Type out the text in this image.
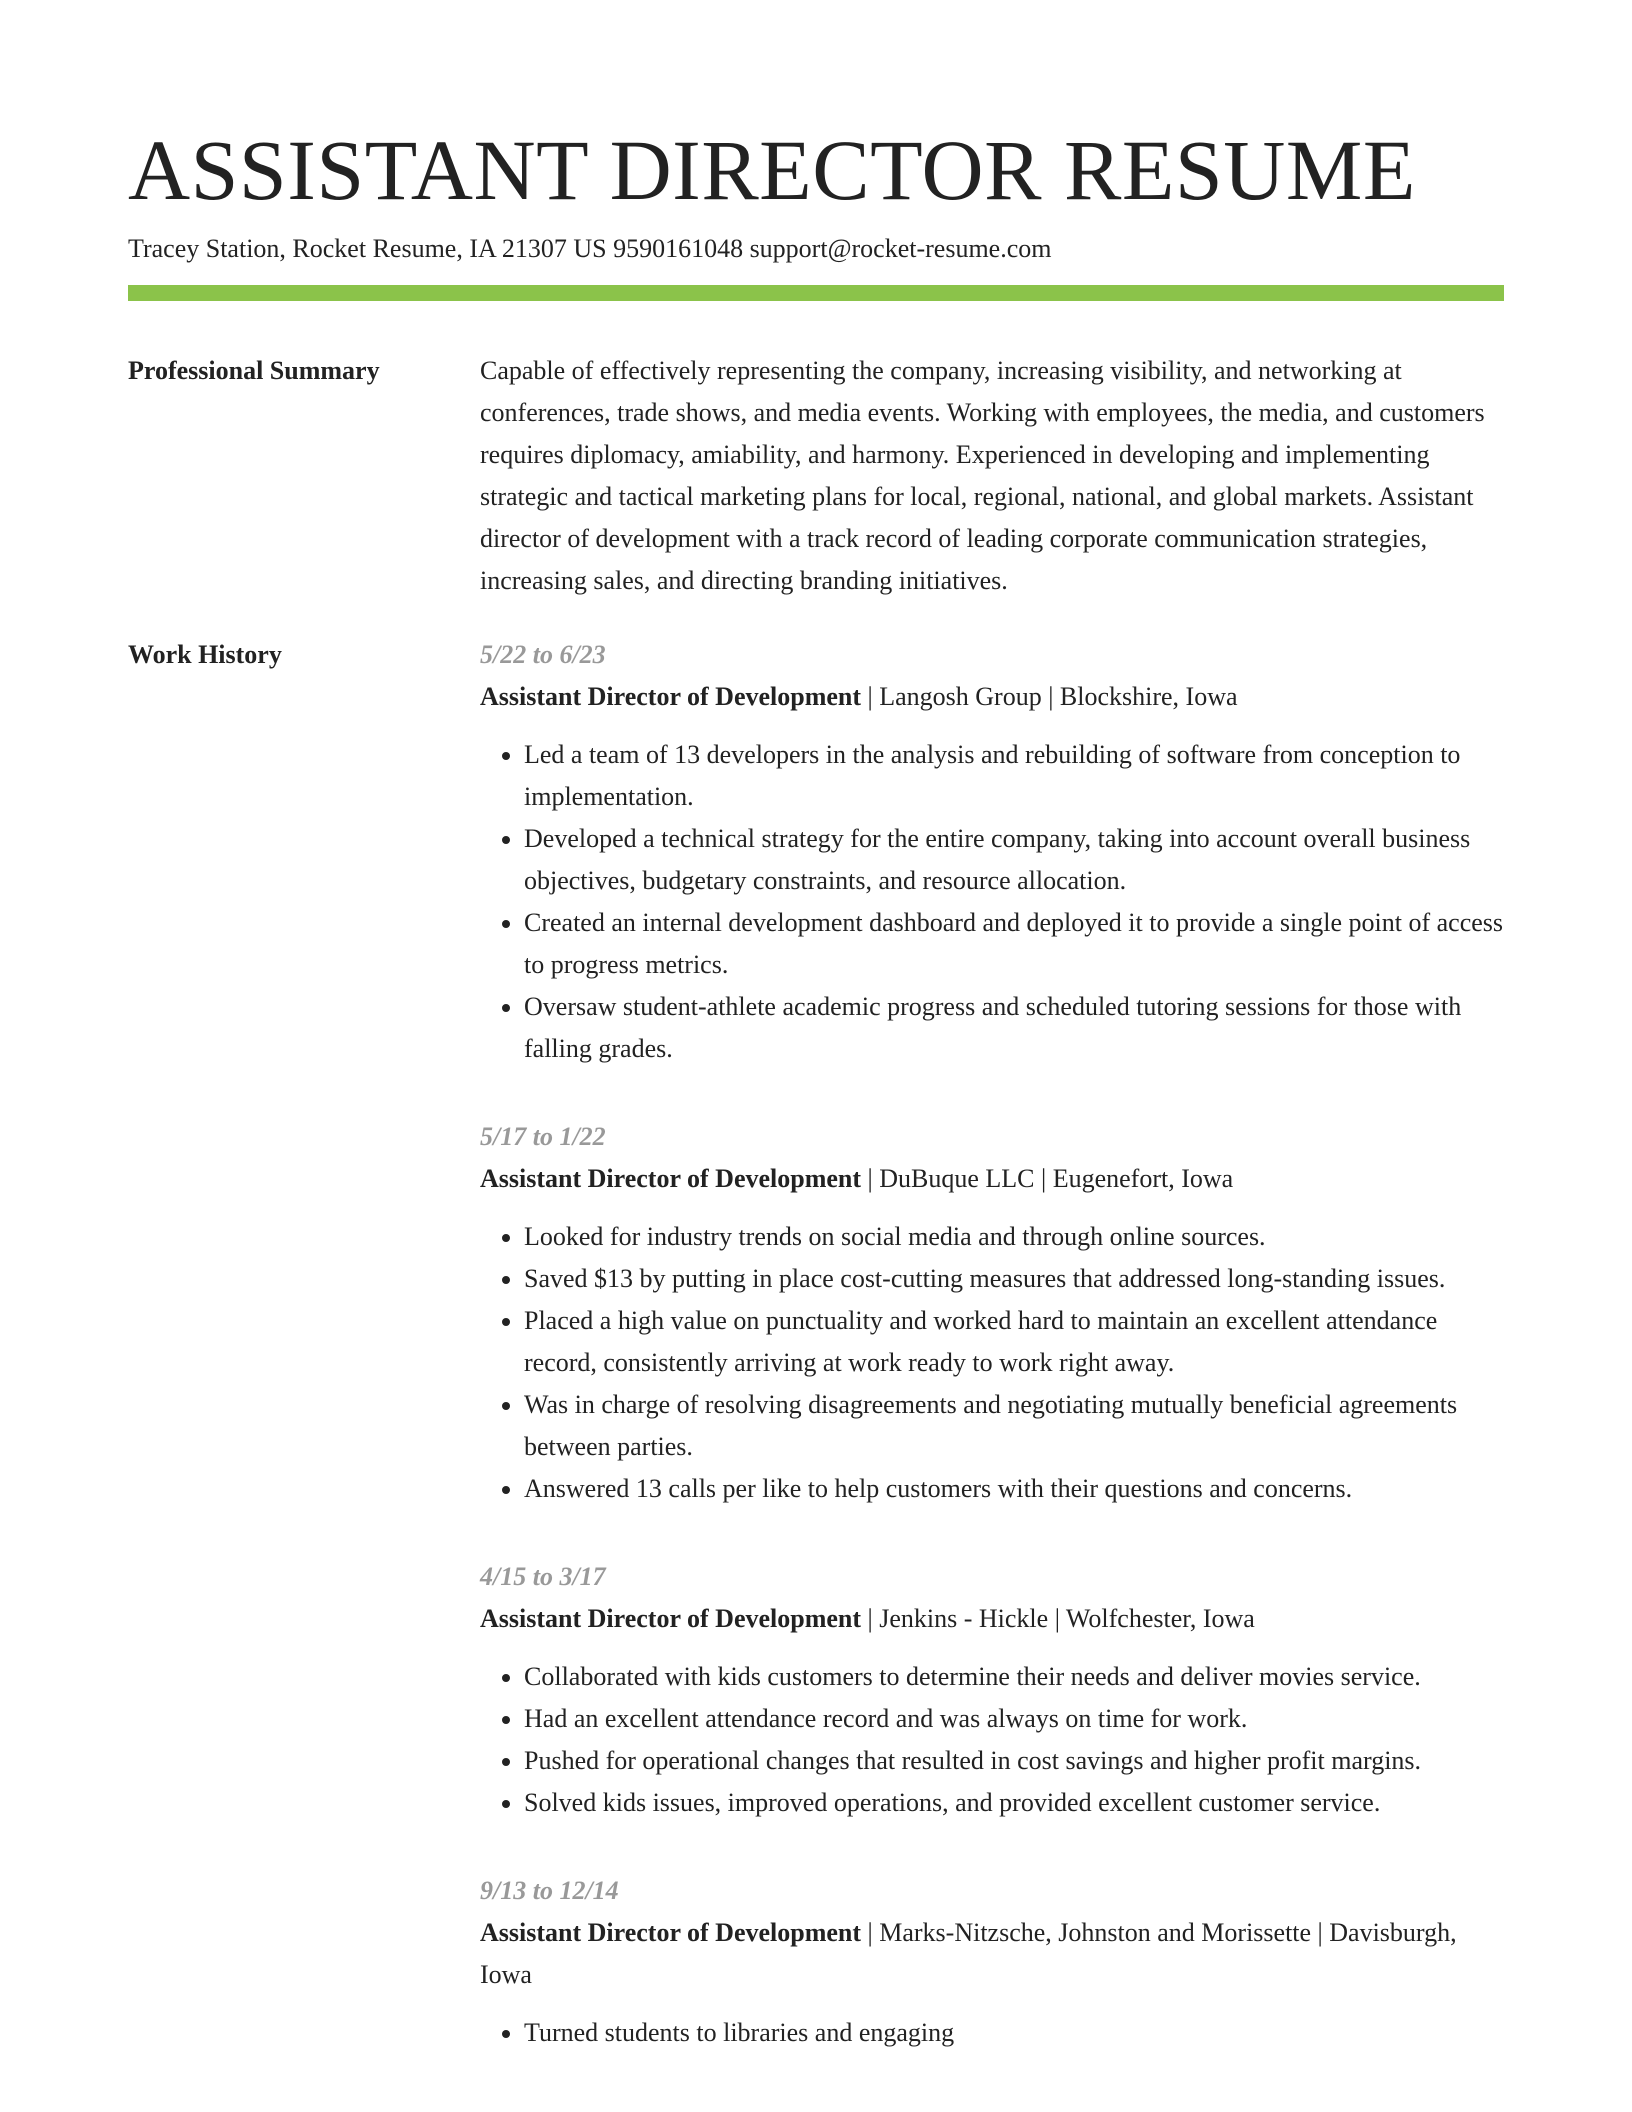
ASSISTANT DIRECTOR RESUME
Tracey Station, Rocket Resume, IA 21307 US 9590161048 support@rocket-resume.com
Professional Summary	Capable of effectively representing the company, increasing visibility, and networking at conferences, trade shows, and media events. Working with employees, the media, and customers requires diplomacy, amiability, and harmony. Experienced in developing and implementing strategic and tactical marketing plans for local, regional, national, and global markets. Assistant director of development with a track record of leading corporate communication strategies, increasing sales, and directing branding initiatives.

Work History	5/22 to 6/23
Assistant Director of Development | Langosh Group | Blockshire, Iowa
• Led a team of 13 developers in the analysis and rebuilding of software from conception to implementation.
• Developed a technical strategy for the entire company, taking into account overall business objectives, budgetary constraints, and resource allocation.
• Created an internal development dashboard and deployed it to provide a single point of access to progress metrics.
• Oversaw student-athlete academic progress and scheduled tutoring sessions for those with falling grades.
5/17 to 1/22
Assistant Director of Development | DuBuque LLC | Eugenefort, Iowa
• Looked for industry trends on social media and through online sources.
• Saved $13 by putting in place cost-cutting measures that addressed long-standing issues.
• Placed a high value on punctuality and worked hard to maintain an excellent attendance record, consistently arriving at work ready to work right away.
• Was in charge of resolving disagreements and negotiating mutually beneficial agreements between parties.
• Answered 13 calls per like to help customers with their questions and concerns.
4/15 to 3/17
Assistant Director of Development | Jenkins - Hickle | Wolfchester, Iowa
• Collaborated with kids customers to determine their needs and deliver movies service.
• Had an excellent attendance record and was always on time for work.
• Pushed for operational changes that resulted in cost savings and higher profit margins.
• Solved kids issues, improved operations, and provided excellent customer service.
9/13 to 12/14
Assistant Director of Development | Marks-Nitzsche, Johnston and Morissette | Davisburgh, Iowa
• Turned students to libraries and engaging
